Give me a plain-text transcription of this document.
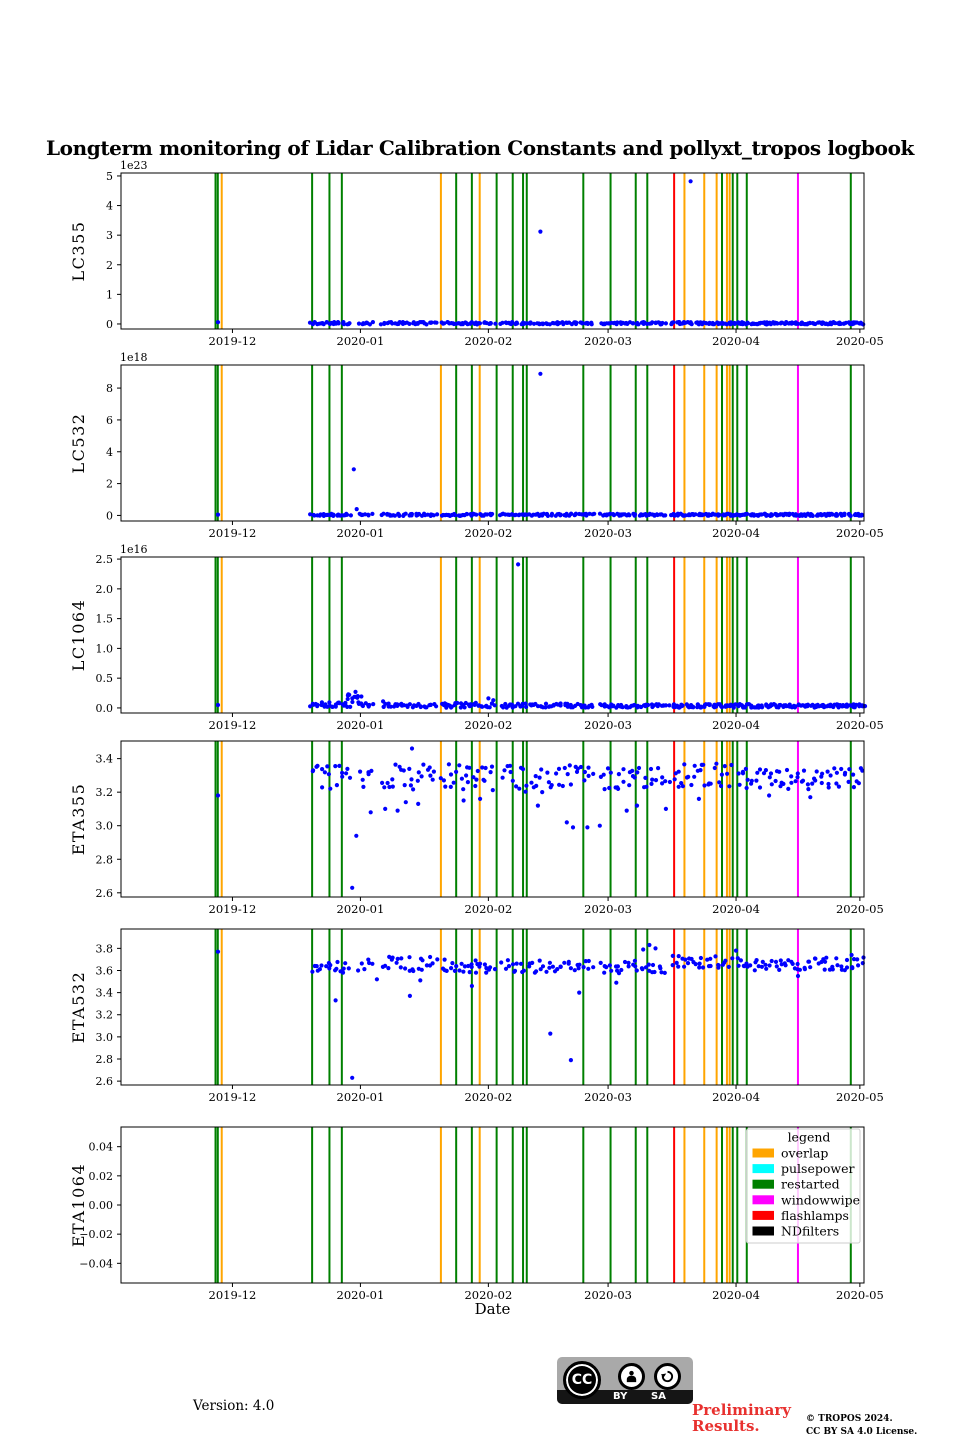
Longterm monitoring of Lidar Calibration Constants and pollyxt_tropos logbook
0
1
2
3
4
5
1e23
2019-12	2020-01	2020-02	2020-03	2020-04	2020-05
LC355
0
2
4
6
8
1e18
2019-12	2020-01	2020-02	2020-03	2020-04	2020-05
LC532
0.0
0.5
1.0
1.5
2.0
2.5
1e16
2019-12	2020-01	2020-02	2020-03	2020-04	2020-05
LC1064
2.6
2.8
3.0
3.2
3.4
2019-12	2020-01	2020-02	2020-03	2020-04	2020-05
ETA355
2.6
2.8
3.0
3.2
3.4
3.6
3.8
2019-12	2020-01	2020-02	2020-03	2020-04	2020-05
ETA532
−0.04
−0.02
0.00
0.02
0.04
2019-12	2020-01	2020-02	2020-03	2020-04	2020-05
ETA1064
legend
overlap
pulsepower
restarted
windowwipe
flashlamps
NDfilters
Date
Version: 4.0
CC
BY SA
Preliminary
Results.	© TROPOS 2024.
CC BY SA 4.0 License.
